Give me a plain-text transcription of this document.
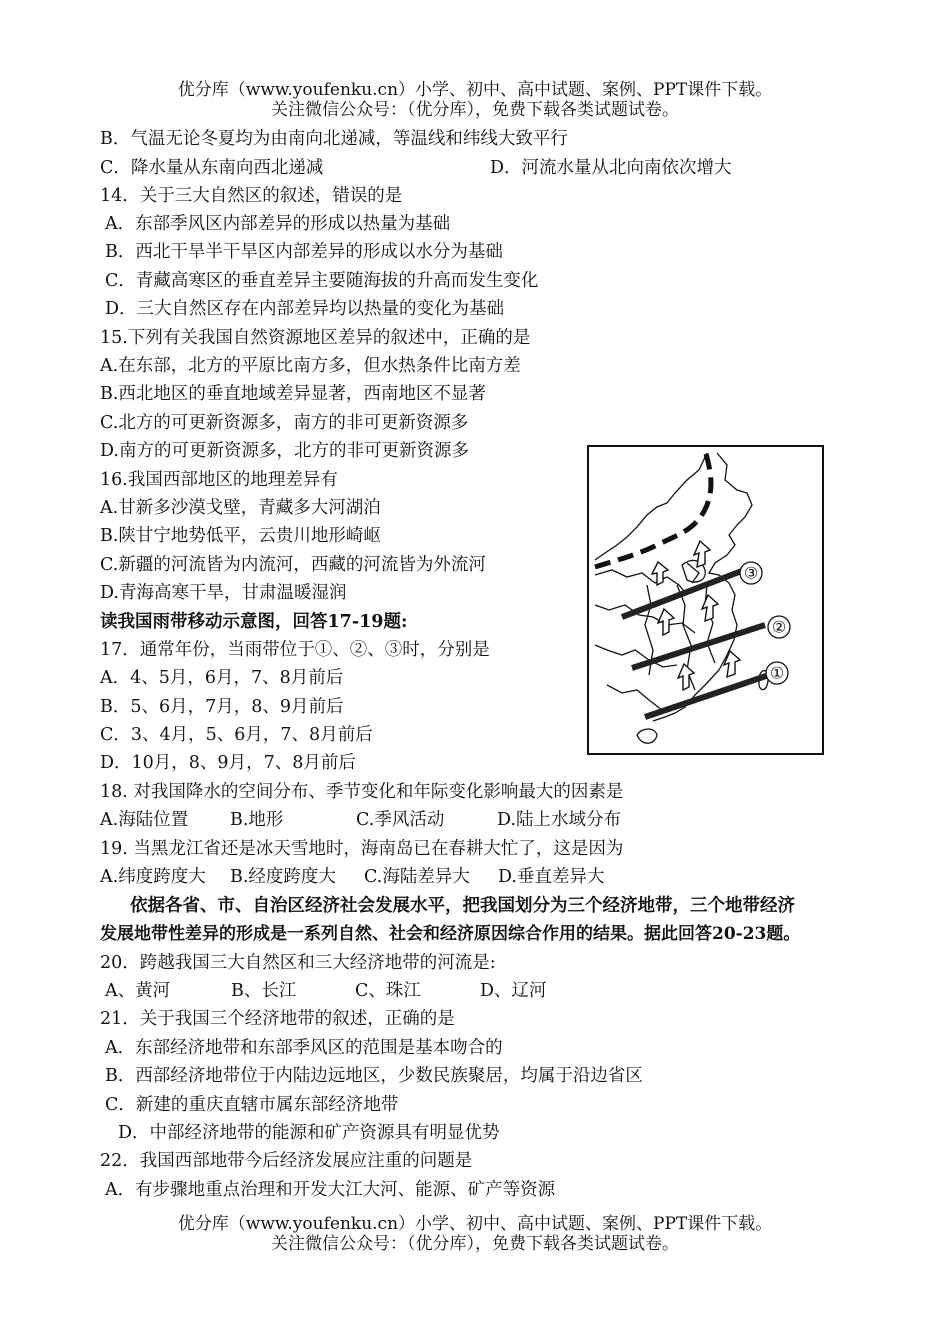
优分库（www.youfenku.cn）小学、初中、高中试题、案例、PPT课件下载。
关注微信公众号：（优分库），免费下载各类试题试卷。
B．气温无论冬夏均为由南向北递减，等温线和纬线大致平行
C．降水量从东南向西北递减	D．河流水量从北向南依次增大
14．关于三大自然区的叙述，错误的是
A．东部季风区内部差异的形成以热量为基础
B．西北干旱半干旱区内部差异的形成以水分为基础
C．青藏高寒区的垂直差异主要随海拔的升高而发生变化
D．三大自然区存在内部差异均以热量的变化为基础
15.下列有关我国自然资源地区差异的叙述中，正确的是
A.在东部，北方的平原比南方多，但水热条件比南方差
B.西北地区的垂直地域差异显著，西南地区不显著
C.北方的可更新资源多，南方的非可更新资源多
D.南方的可更新资源多，北方的非可更新资源多
16.我国西部地区的地理差异有
A.甘新多沙漠戈壁，青藏多大河湖泊
B.陕甘宁地势低平，云贵川地形崎岖
C.新疆的河流皆为内流河，西藏的河流皆为外流河
D.青海高寒干旱，甘肃温暖湿润
读我国雨带移动示意图，回答17-19题:
17．通常年份，当雨带位于①、②、③时，分别是
A．4、5月，6月，7、8月前后
B．5、6月，7月，8、9月前后
C．3、4月，5、6月，7、8月前后
D．10月，8、9月，7、8月前后
18. 对我国降水的空间分布、季节变化和年际变化影响最大的因素是
A.海陆位置 B.地形	C.季风活动	D.陆上水域分布
19. 当黑龙江省还是冰天雪地时，海南岛已在春耕大忙了，这是因为
A.纬度跨度大 B.经度跨度大 C.海陆差异大 D.垂直差异大
依据各省、市、自治区经济社会发展水平，把我国划分为三个经济地带，三个地带经济
发展地带性差异的形成是一系列自然、社会和经济原因综合作用的结果。据此回答20-23题。
20．跨越我国三大自然区和三大经济地带的河流是:
A、黄河	B、长江	C、珠江	D、辽河
21．关于我国三个经济地带的叙述，正确的是
A．东部经济地带和东部季风区的范围是基本吻合的
B．西部经济地带位于内陆边远地区，少数民族聚居，均属于沿边省区
C．新建的重庆直辖市属东部经济地带
D．中部经济地带的能源和矿产资源具有明显优势
22．我国西部地带今后经济发展应注重的问题是
A．有步骤地重点治理和开发大江大河、能源、矿产等资源
优分库（www.youfenku.cn）小学、初中、高中试题、案例、PPT课件下载。
关注微信公众号：（优分库），免费下载各类试题试卷。
③
②
①
